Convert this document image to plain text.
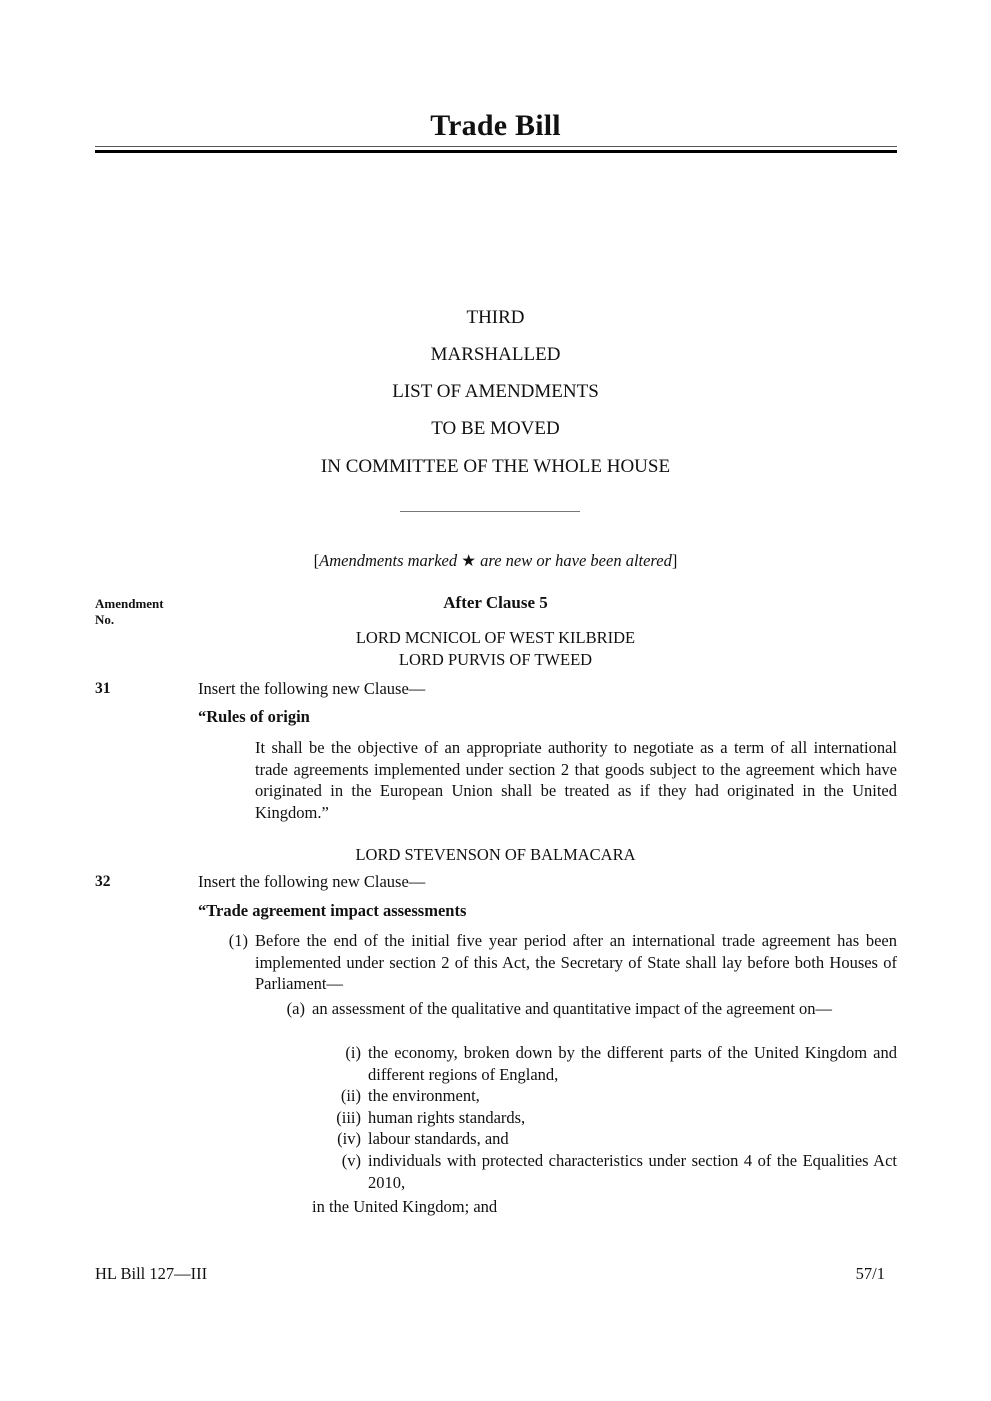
Trade Bill
THIRD
MARSHALLED
LIST OF AMENDMENTS
TO BE MOVED
IN COMMITTEE OF THE WHOLE HOUSE
[Amendments marked ★ are new or have been altered]
Amendment
No.
After Clause 5
LORD MCNICOL OF WEST KILBRIDE
LORD PURVIS OF TWEED
31	Insert the following new Clause—
“Rules of origin
It shall be the objective of an appropriate authority to negotiate as a term of all international trade agreements implemented under section 2 that goods subject to the agreement which have originated in the European Union shall be treated as if they had originated in the United Kingdom.”
LORD STEVENSON OF BALMACARA
32	Insert the following new Clause—
“Trade agreement impact assessments
(1) Before the end of the initial five year period after an international trade agreement has been implemented under section 2 of this Act, the Secretary of State shall lay before both Houses of Parliament—
(a) an assessment of the qualitative and quantitative impact of the agreement on—
(i) the economy, broken down by the different parts of the United Kingdom and different regions of England,
(ii) the environment,
(iii) human rights standards,
(iv) labour standards, and
(v) individuals with protected characteristics under section 4 of the Equalities Act 2010,
in the United Kingdom; and
HL Bill 127—III	57/1
